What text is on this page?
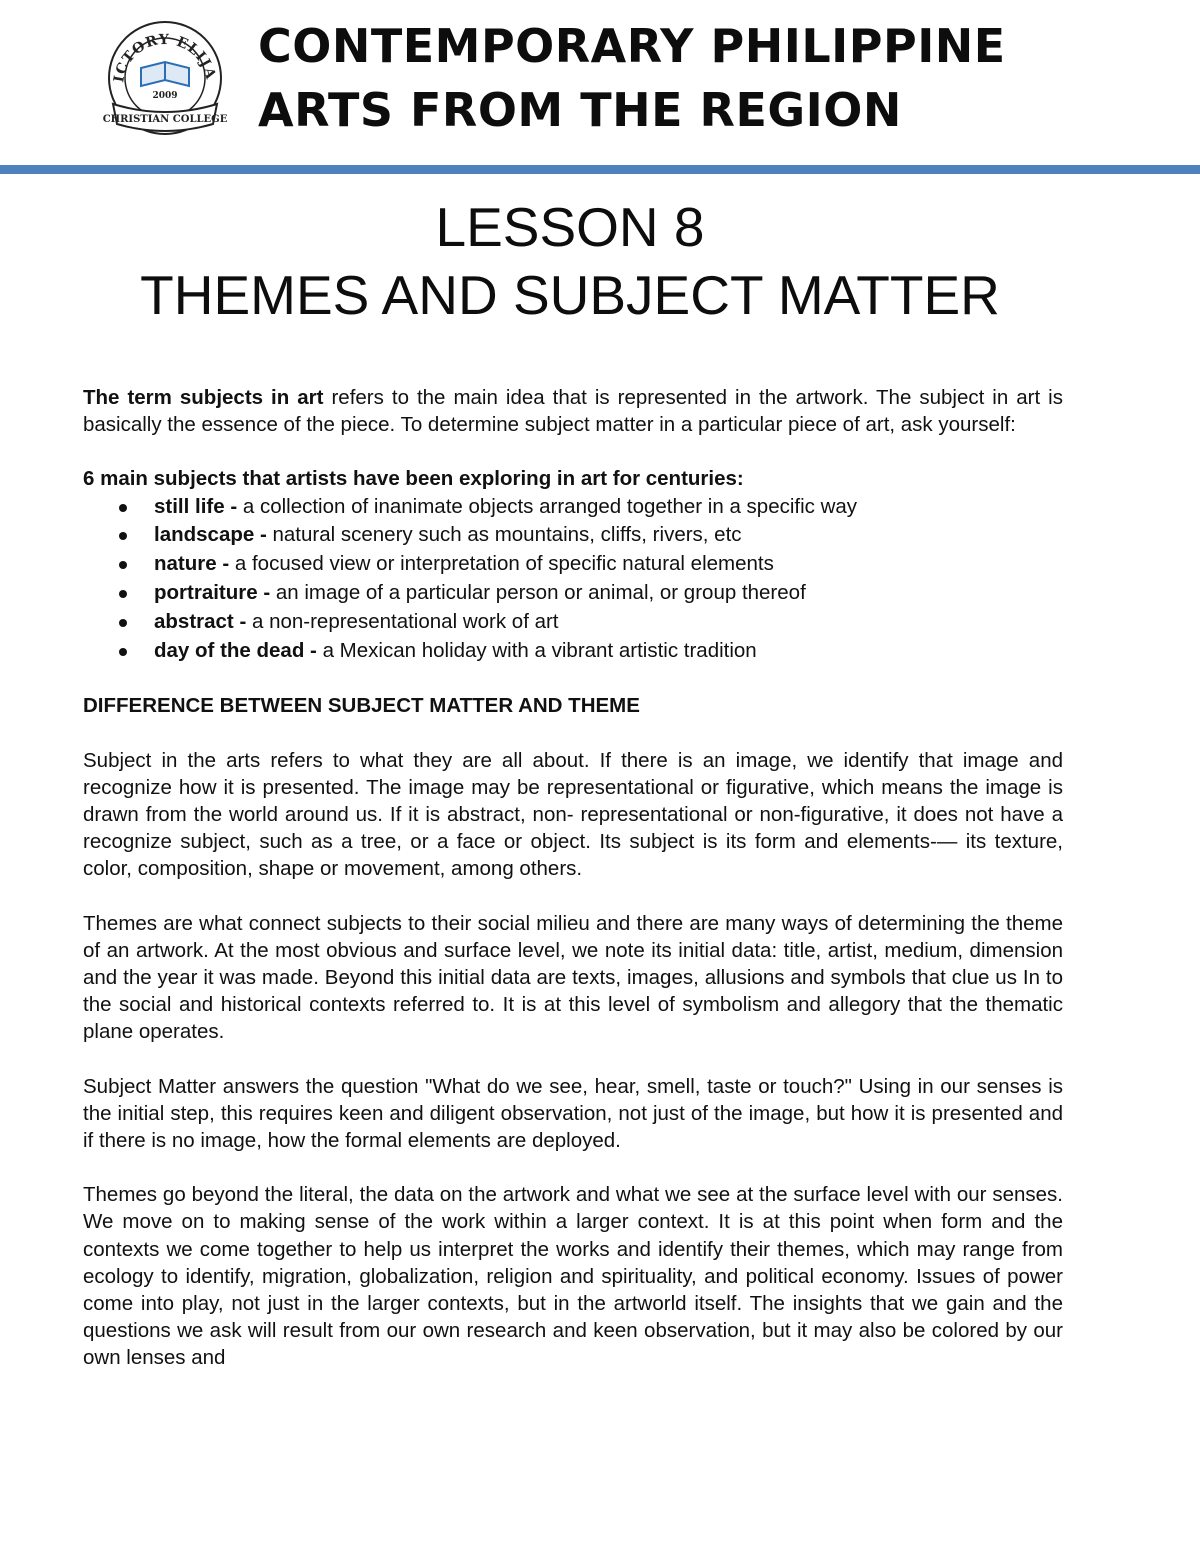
ICTORY ELIJA
2009
CHRISTIAN COLLEGE
CONTEMPORARY PHILIPPINE
ARTS FROM THE REGION
LESSON 8
THEMES AND SUBJECT MATTER

The term subjects in art refers to the main idea that is represented in the artwork. The subject in art is basically the essence of the piece. To determine subject matter in a particular piece of art, ask yourself:

6 main subjects that artists have been exploring in art for centuries:

still life - a collection of inanimate objects arranged together in a specific way
landscape - natural scenery such as mountains, cliffs, rivers, etc
nature - a focused view or interpretation of specific natural elements
portraiture - an image of a particular person or animal, or group thereof
abstract - a non-representational work of art
day of the dead - a Mexican holiday with a vibrant artistic tradition

DIFFERENCE BETWEEN SUBJECT MATTER AND THEME

Subject in the arts refers to what they are all about. If there is an image, we identify that image and recognize how it is presented. The image may be representational or figurative, which means the image is drawn from the world around us. If it is abstract, non- representational or non-figurative, it does not have a recognize subject, such as a tree, or a face or object. Its subject is its form and elements-— its texture, color, composition, shape or movement, among others.

Themes are what connect subjects to their social milieu and there are many ways of determining the theme of an artwork. At the most obvious and surface level, we note its initial data: title, artist, medium, dimension and the year it was made. Beyond this initial data are texts, images, allusions and symbols that clue us In to the social and historical contexts referred to. It is at this level of symbolism and allegory that the thematic plane operates.

Subject Matter answers the question "What do we see, hear, smell, taste or touch?" Using in our senses is the initial step, this requires keen and diligent observation, not just of the image, but how it is presented and if there is no image, how the formal elements are deployed.

Themes go beyond the literal, the data on the artwork and what we see at the surface level with our senses. We move on to making sense of the work within a larger context. It is at this point when form and the contexts we come together to help us interpret the works and identify their themes, which may range from ecology to identify, migration, globalization, religion and spirituality, and political economy. Issues of power come into play, not just in the larger contexts, but in the artworld itself. The insights that we gain and the questions we ask will result from our own research and keen observation, but it may also be colored by our own lenses and
